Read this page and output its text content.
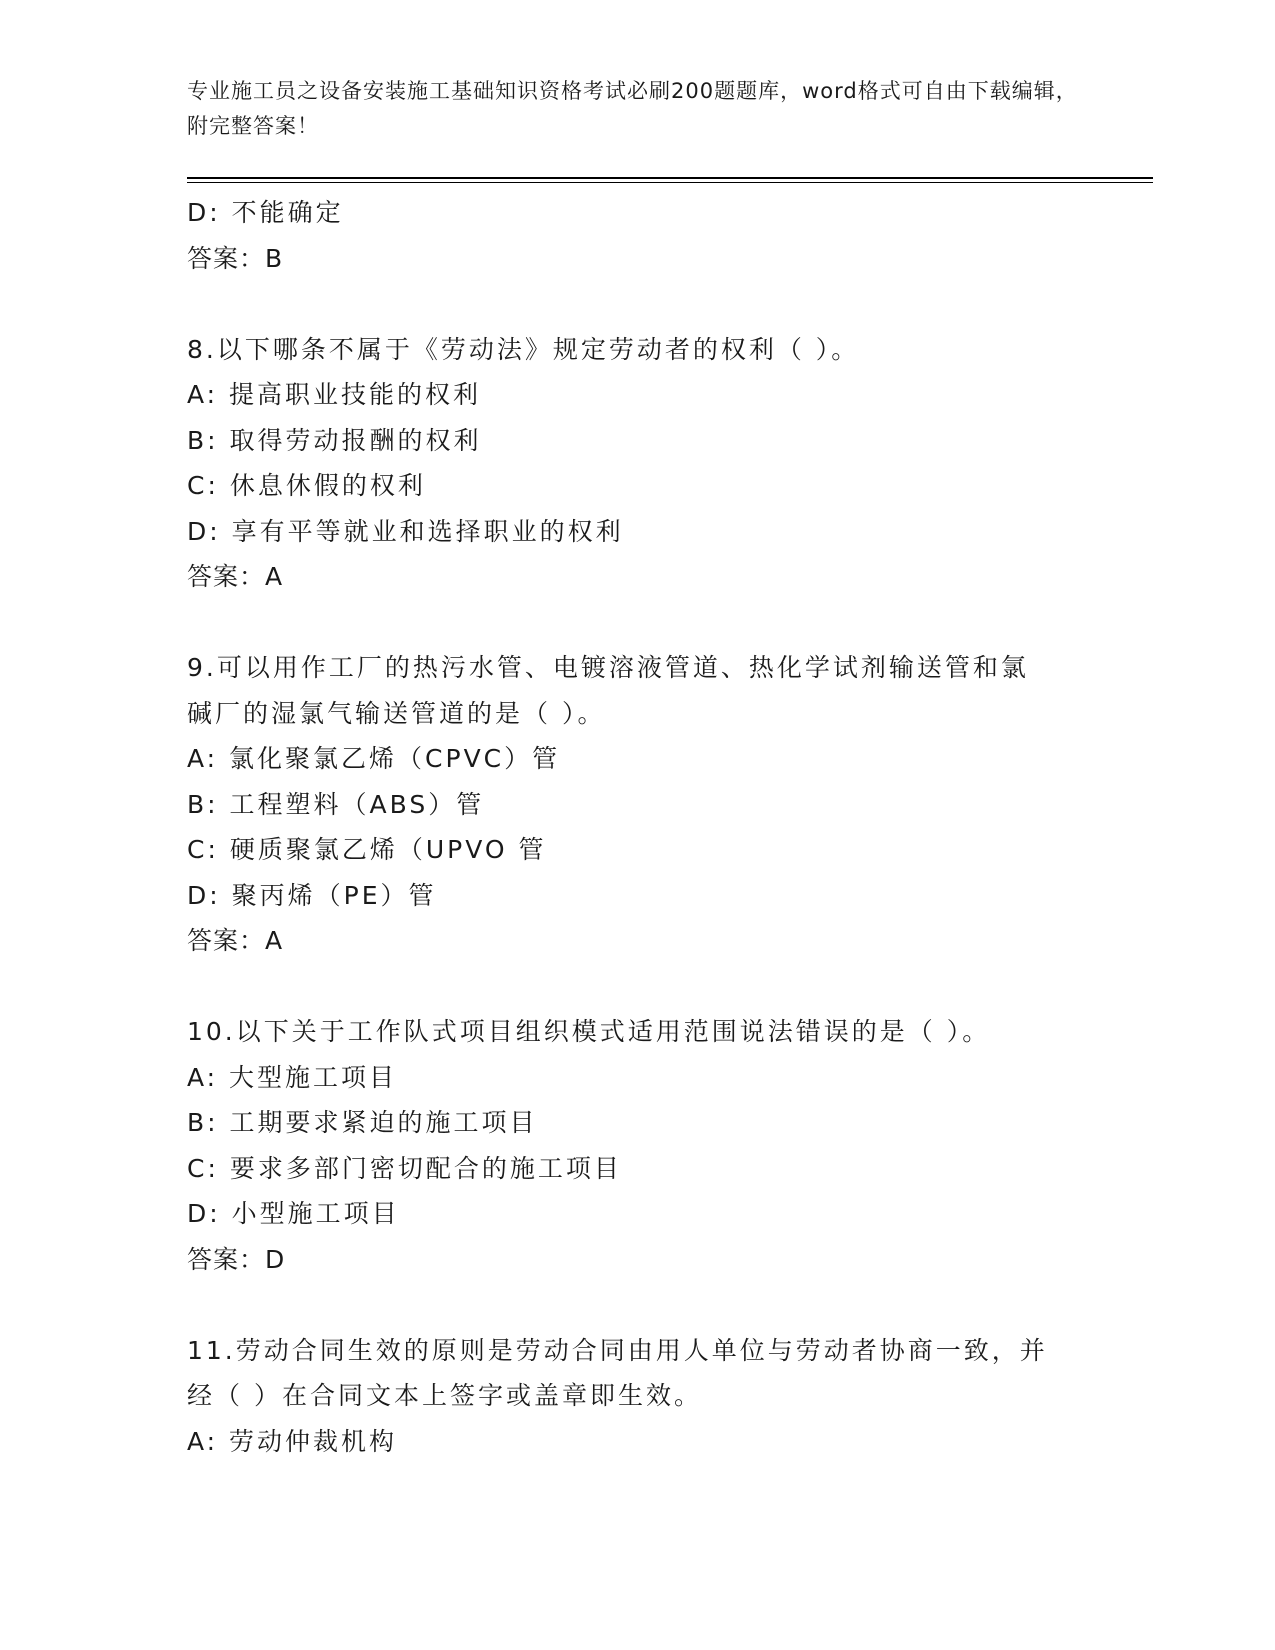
专业施工员之设备安装施工基础知识资格考试必刷200题题库，word格式可自由下载编辑，附完整答案！
D: 不能确定
答案：B
8.以下哪条不属于《劳动法》规定劳动者的权利（ ）。
A: 提高职业技能的权利
B: 取得劳动报酬的权利
C: 休息休假的权利
D: 享有平等就业和选择职业的权利
答案：A
9.可以用作工厂的热污水管、电镀溶液管道、热化学试剂输送管和氯
碱厂的湿氯气输送管道的是（ ）。
A: 氯化聚氯乙烯（CPVC）管
B: 工程塑料（ABS）管
C: 硬质聚氯乙烯（UPVO 管
D: 聚丙烯（PE）管
答案：A
10.以下关于工作队式项目组织模式适用范围说法错误的是（ ）。
A: 大型施工项目
B: 工期要求紧迫的施工项目
C: 要求多部门密切配合的施工项目
D: 小型施工项目
答案：D
11.劳动合同生效的原则是劳动合同由用人单位与劳动者协商一致，并
经（ ）在合同文本上签字或盖章即生效。
A: 劳动仲裁机构
